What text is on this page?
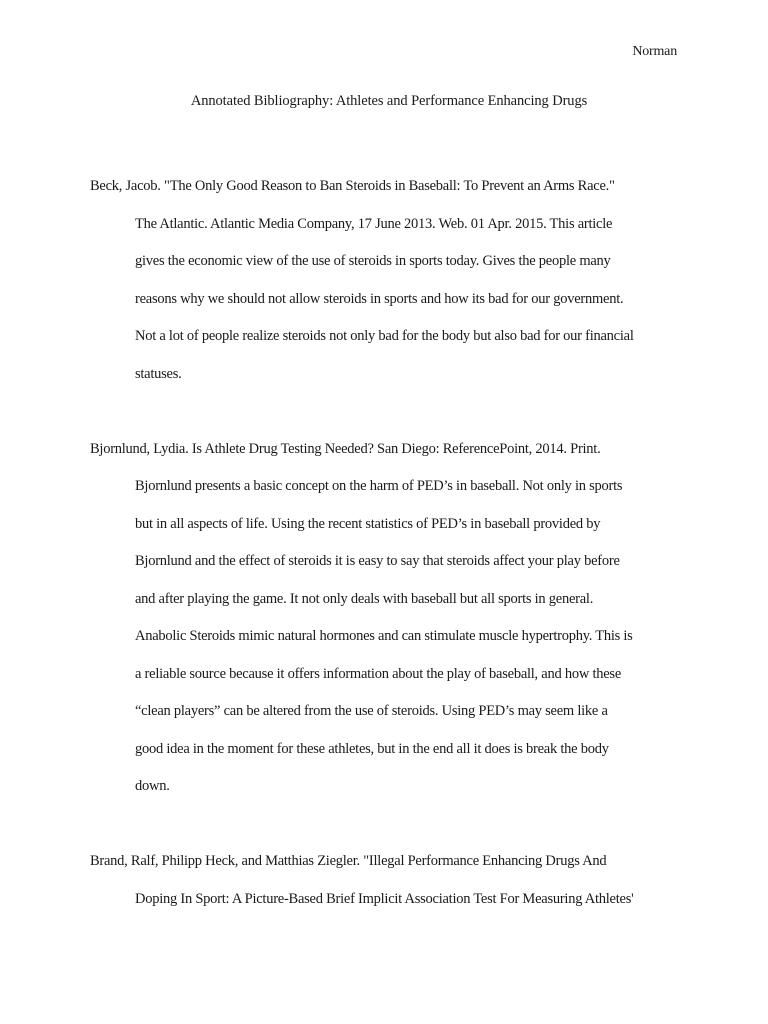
Norman
Annotated Bibliography: Athletes and Performance Enhancing Drugs
Beck, Jacob. "The Only Good Reason to Ban Steroids in Baseball: To Prevent an Arms Race."
The Atlantic. Atlantic Media Company, 17 June 2013. Web. 01 Apr. 2015. This article
gives the economic view of the use of steroids in sports today. Gives the people many
reasons why we should not allow steroids in sports and how its bad for our government.
Not a lot of people realize steroids not only bad for the body but also bad for our financial
statuses.
Bjornlund, Lydia. Is Athlete Drug Testing Needed? San Diego: ReferencePoint, 2014. Print.
Bjornlund presents a basic concept on the harm of PED’s in baseball. Not only in sports
but in all aspects of life. Using the recent statistics of PED’s in baseball provided by
Bjornlund and the effect of steroids it is easy to say that steroids affect your play before
and after playing the game. It not only deals with baseball but all sports in general.
Anabolic Steroids mimic natural hormones and can stimulate muscle hypertrophy. This is
a reliable source because it offers information about the play of baseball, and how these
“clean players” can be altered from the use of steroids. Using PED’s may seem like a
good idea in the moment for these athletes, but in the end all it does is break the body
down.
Brand, Ralf, Philipp Heck, and Matthias Ziegler. "Illegal Performance Enhancing Drugs And
Doping In Sport: A Picture-Based Brief Implicit Association Test For Measuring Athletes'
